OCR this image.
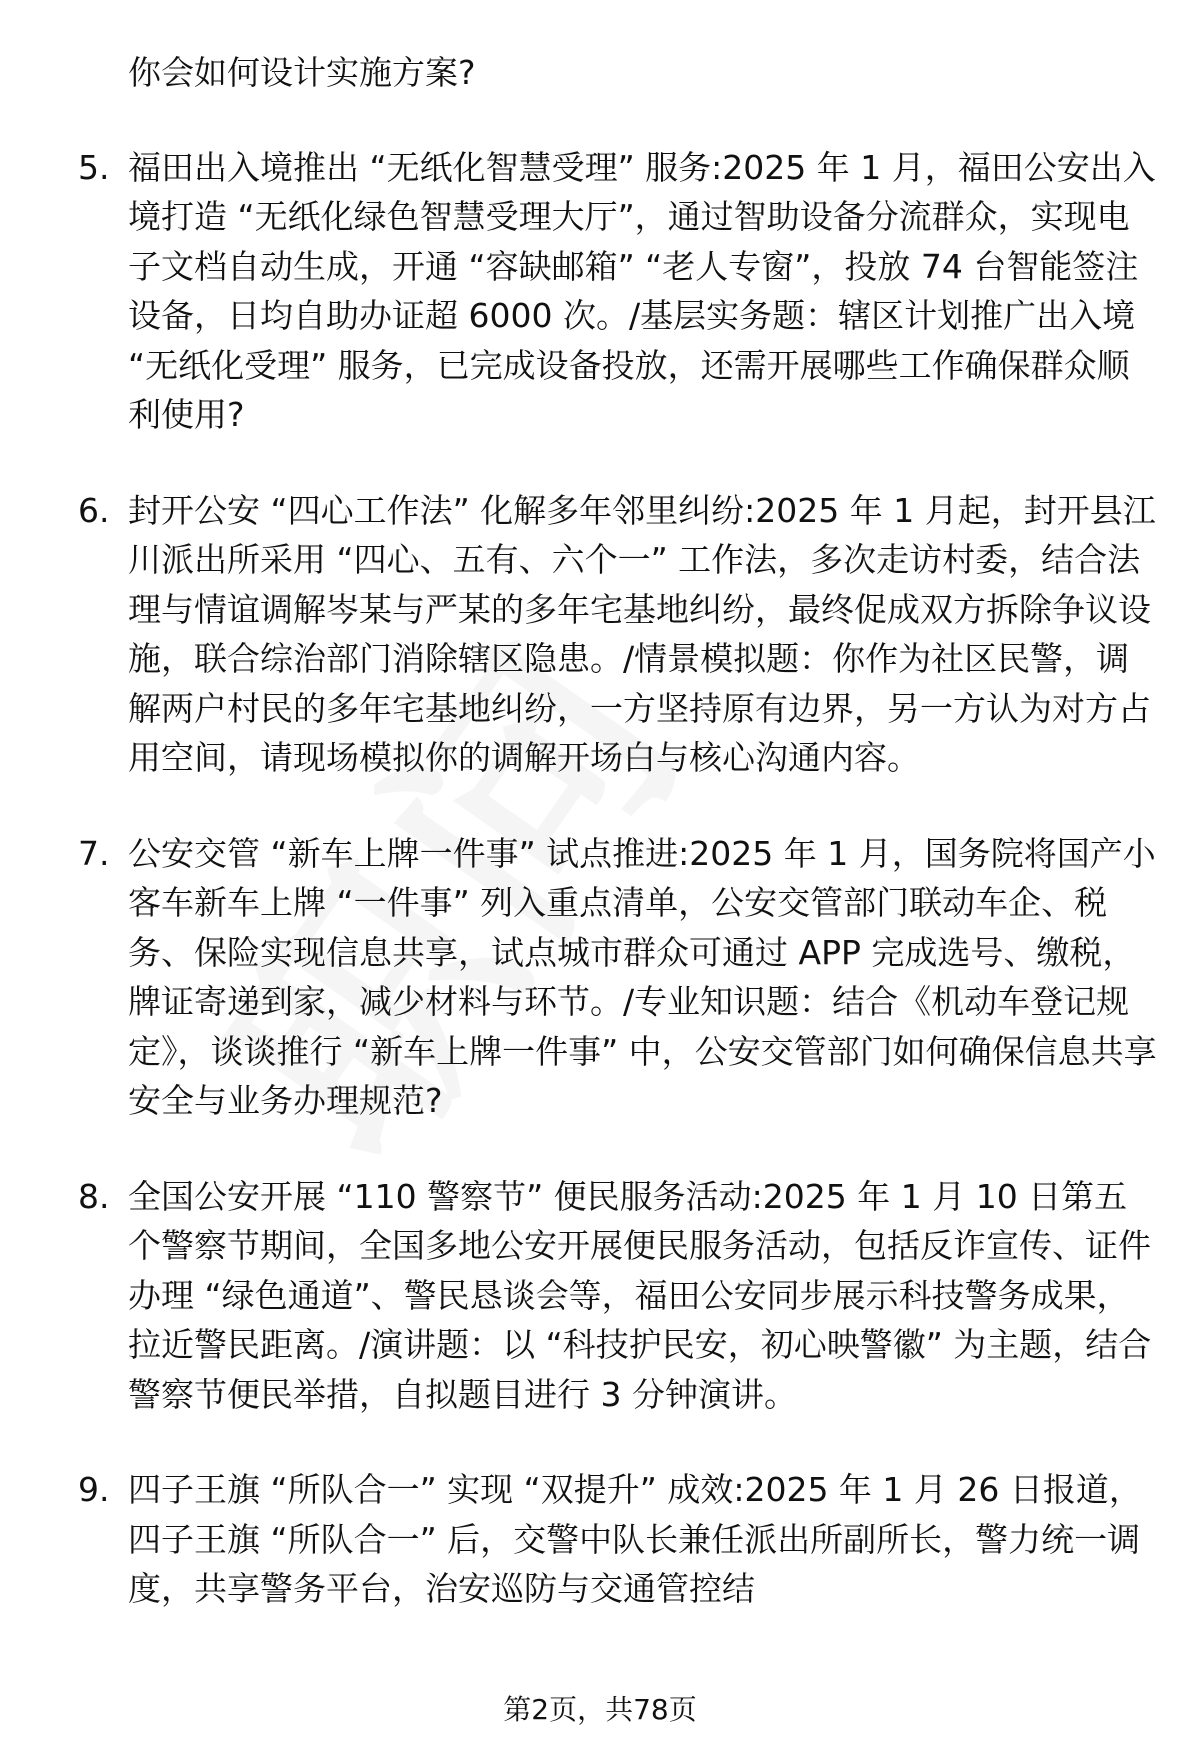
你会如何设计实施方案?
5. 福田出入境推出 “无纸化智慧受理” 服务:2025 年 1 月，福田公安出入境打造 “无纸化绿色智慧受理大厅”，通过智助设备分流群众，实现电子文档自动生成，开通 “容缺邮箱” “老人专窗”，投放 74 台智能签注设备，日均自助办证超 6000 次。/基层实务题：辖区计划推广出入境 “无纸化受理” 服务，已完成设备投放，还需开展哪些工作确保群众顺利使用?
6. 封开公安 “四心工作法” 化解多年邻里纠纷:2025 年 1 月起，封开县江川派出所采用 “四心、五有、六个一” 工作法，多次走访村委，结合法理与情谊调解岑某与严某的多年宅基地纠纷，最终促成双方拆除争议设施，联合综治部门消除辖区隐患。/情景模拟题：你作为社区民警，调解两户村民的多年宅基地纠纷，一方坚持原有边界，另一方认为对方占用空间，请现场模拟你的调解开场白与核心沟通内容。
7. 公安交管 “新车上牌一件事” 试点推进:2025 年 1 月，国务院将国产小客车新车上牌 “一件事” 列入重点清单，公安交管部门联动车企、税务、保险实现信息共享，试点城市群众可通过 APP 完成选号、缴税，牌证寄递到家，减少材料与环节。/专业知识题：结合《机动车登记规定》，谈谈推行 “新车上牌一件事” 中，公安交管部门如何确保信息共享安全与业务办理规范?
8. 全国公安开展 “110 警察节” 便民服务活动:2025 年 1 月 10 日第五个警察节期间，全国多地公安开展便民服务活动，包括反诈宣传、证件办理 “绿色通道”、警民恳谈会等，福田公安同步展示科技警务成果，拉近警民距离。/演讲题：以 “科技护民安，初心映警徽” 为主题，结合警察节便民举措，自拟题目进行 3 分钟演讲。
9. 四子王旗 “所队合一” 实现 “双提升” 成效:2025 年 1 月 26 日报道，四子王旗 “所队合一” 后，交警中队长兼任派出所副所长，警力统一调度，共享警务平台，治安巡防与交通管控结
第2页，共78页
